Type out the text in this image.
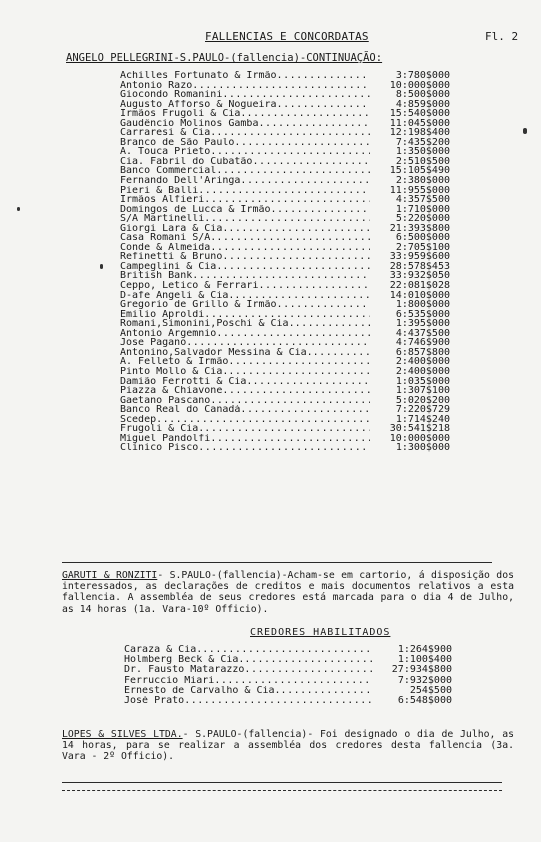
FALLENCIAS E CONCORDATAS	Fl. 2
ANGELO PELLEGRINI-S.PAULO-(fallencia)-CONTINUAÇÃO:
Achilles Fortunato & Irmão .....	3:780$000
Antonio Razo .....	10:000$000
Giocondo Romanini .....	8:500$000
Augusto Afforso & Nogueira .....	4:859$000
Irmãos Frugoli & Cia. .....	15:540$000
Gaudêncio Molinos Gamba .....	11:045$000
Carraresi & Cia. .....	12:198$400
Branco de São Paulo .....	7:435$200
A. Touca Prieto .....	1:350$000
Cia. Fabril do Cubatão .....	2:510$500
Banco Commercial .....	15:105$490
Fernando Dell'Aringa .....	2:380$000
Pieri & Balli .....	11:955$000
Irmãos Alfieri .....	4:357$500
Domingos de Lucca & Irmão .....	1:710$000
S/A Martinelli .....	5:220$000
Giorgi Lara & Cia. .....	21:393$800
Casa Romani S/A. .....	6:500$000
Conde & Almeida .....	2:705$100
Refinetti & Bruno .....	33:959$600
Campeglini & Cia. .....	28:578$453
British Bank .....	33:932$050
Ceppo, Letico & Ferrari .....	22:081$028
D-afe Angeli & Cia. .....	14:010$000
Gregorio de Grillo & Irmão .....	1:800$000
Emilio Aproldi .....	6:535$000
Romani,Simonini,Poschi & Cia. .....	1:395$000
Antonio Argemnio .....	4:437$500
Jose Pagano .....	4:746$900
Antonino,Salvador Messina & Cia. .....	6:857$800
A. Felleto & Irmão .....	2:400$000
Pinto Mollo & Cia. .....	2:400$000
Damião Ferrotti & Cia. .....	1:035$000
Piazza & Chiavone .....	1:307$100
Gaetano Pascano .....	5:020$200
Banco Real do Canadá .....	7:220$729
Scedep .....	1:714$240
Frugoli & Cia. .....	30:541$218
Miguel Pandolfi .....	10:000$000
Clinico Pisco .....	1:300$000

GARUTI & RONZITI- S.PAULO-(fallencia)-Acham-se em cartorio, á disposição dos interessados, as declarações de creditos e mais documentos relativos a esta fallencia. A assembléa de seus credores está marcada para o dia 4 de Julho, as 14 horas (1a. Vara-10º Officio).

CREDORES HABILITADOS
Caraza & Cia. .....	1:264$900
Holmberg Beck & Cia. .....	1:100$400
Dr. Fausto Matarazzo .....	27:934$800
Ferruccio Miari .....	7:932$000
Ernesto de Carvalho & Cia. .....	254$500
José Prato .....	6:548$000

LOPES & SILVES LTDA.- S.PAULO-(fallencia)- Foi designado o dia de Julho, as 14 horas, para se realizar a assembléa dos credores desta fallencia (3a. Vara - 2º Officio).
